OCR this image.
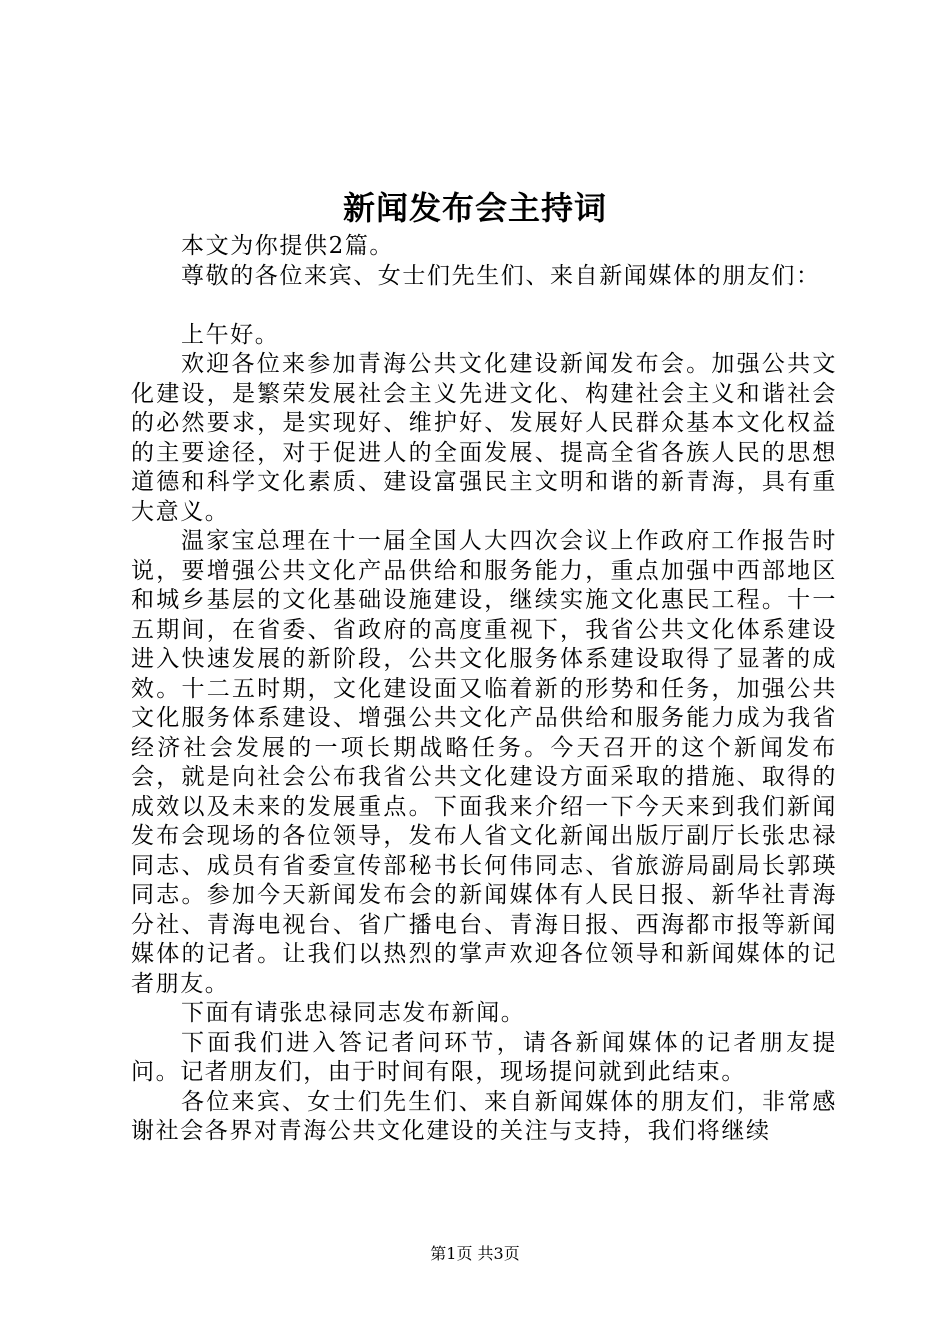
新闻发布会主持词

本文为你提供2篇。

尊敬的各位来宾、女士们先生们、来自新闻媒体的朋友们：

上午好。

欢迎各位来参加青海公共文化建设新闻发布会。加强公共文化建设，是繁荣发展社会主义先进文化、构建社会主义和谐社会的必然要求，是实现好、维护好、发展好人民群众基本文化权益的主要途径，对于促进人的全面发展、提高全省各族人民的思想道德和科学文化素质、建设富强民主文明和谐的新青海，具有重大意义。

温家宝总理在十一届全国人大四次会议上作政府工作报告时说，要增强公共文化产品供给和服务能力，重点加强中西部地区和城乡基层的文化基础设施建设，继续实施文化惠民工程。十一五期间，在省委、省政府的高度重视下，我省公共文化体系建设进入快速发展的新阶段，公共文化服务体系建设取得了显著的成效。十二五时期，文化建设面又临着新的形势和任务，加强公共文化服务体系建设、增强公共文化产品供给和服务能力成为我省经济社会发展的一项长期战略任务。今天召开的这个新闻发布会，就是向社会公布我省公共文化建设方面采取的措施、取得的成效以及未来的发展重点。下面我来介绍一下今天来到我们新闻发布会现场的各位领导，发布人省文化新闻出版厅副厅长张忠禄同志、成员有省委宣传部秘书长何伟同志、省旅游局副局长郭瑛同志。参加今天新闻发布会的新闻媒体有人民日报、新华社青海分社、青海电视台、省广播电台、青海日报、西海都市报等新闻媒体的记者。让我们以热烈的掌声欢迎各位领导和新闻媒体的记者朋友。

下面有请张忠禄同志发布新闻。

下面我们进入答记者问环节，请各新闻媒体的记者朋友提问。记者朋友们，由于时间有限，现场提问就到此结束。

各位来宾、女士们先生们、来自新闻媒体的朋友们，非常感谢社会各界对青海公共文化建设的关注与支持，我们将继续

第1页 共3页
